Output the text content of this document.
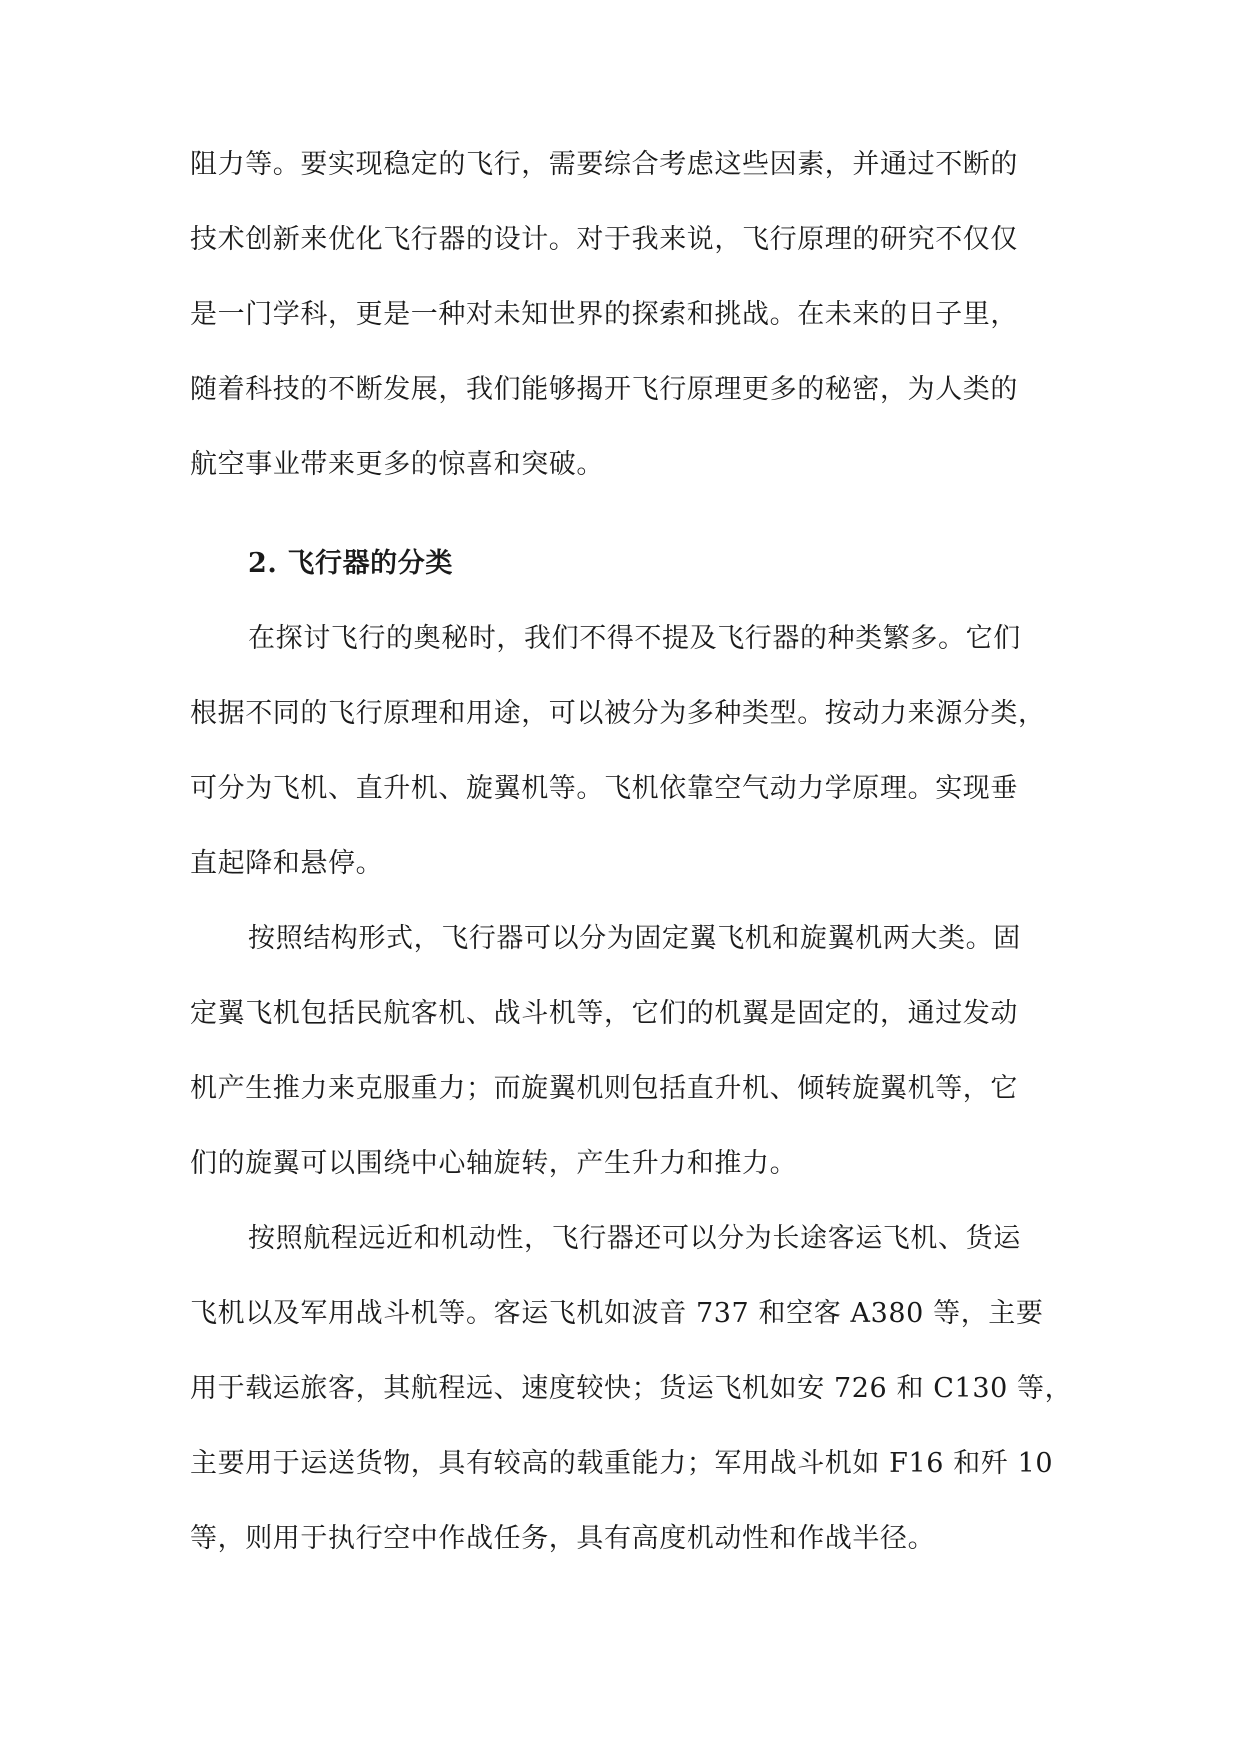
阻力等。要实现稳定的飞行，需要综合考虑这些因素，并通过不断的
技术创新来优化飞行器的设计。对于我来说，飞行原理的研究不仅仅
是一门学科，更是一种对未知世界的探索和挑战。在未来的日子里，
随着科技的不断发展，我们能够揭开飞行原理更多的秘密，为人类的
航空事业带来更多的惊喜和突破。
2. 飞行器的分类
在探讨飞行的奥秘时，我们不得不提及飞行器的种类繁多。它们
根据不同的飞行原理和用途，可以被分为多种类型。按动力来源分类，
可分为飞机、直升机、旋翼机等。飞机依靠空气动力学原理。实现垂
直起降和悬停。
按照结构形式，飞行器可以分为固定翼飞机和旋翼机两大类。固
定翼飞机包括民航客机、战斗机等，它们的机翼是固定的，通过发动
机产生推力来克服重力；而旋翼机则包括直升机、倾转旋翼机等，它
们的旋翼可以围绕中心轴旋转，产生升力和推力。
按照航程远近和机动性，飞行器还可以分为长途客运飞机、货运
飞机以及军用战斗机等。客运飞机如波音 737 和空客 A380 等，主要
用于载运旅客，其航程远、速度较快；货运飞机如安 726 和 C130 等，
主要用于运送货物，具有较高的载重能力；军用战斗机如 F16 和歼 10
等，则用于执行空中作战任务，具有高度机动性和作战半径。
